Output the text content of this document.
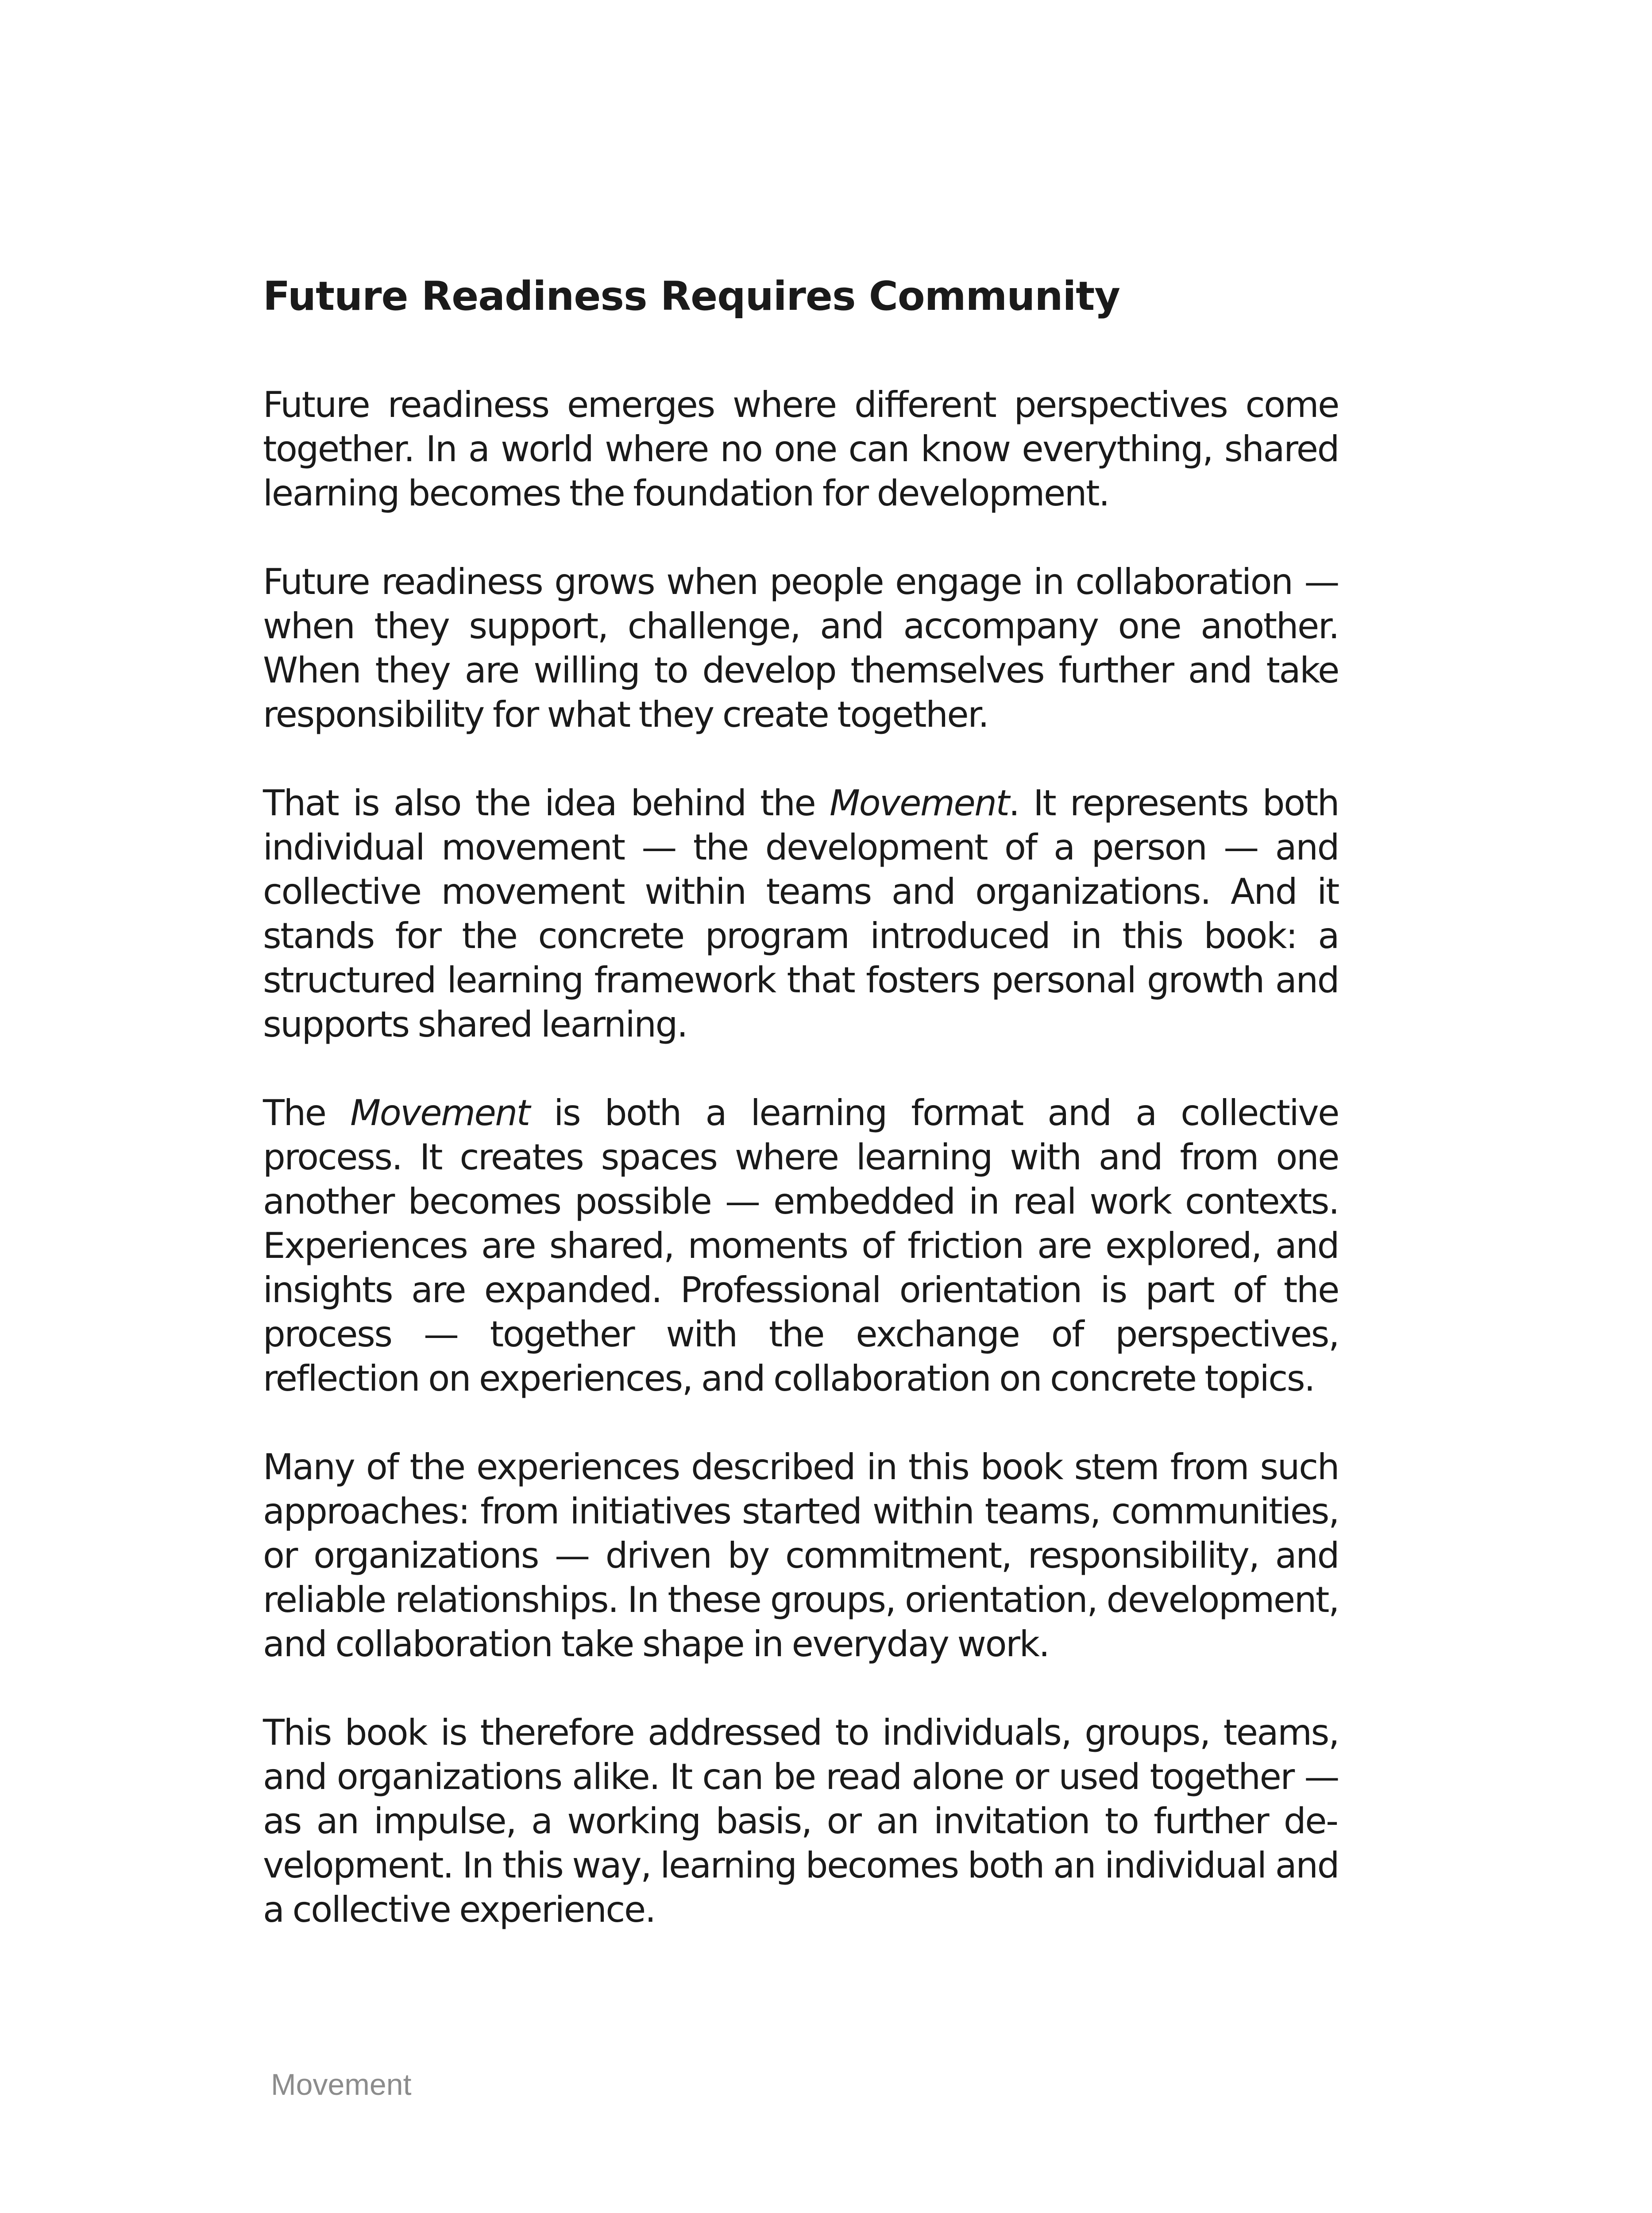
Future Readiness Requires Community

Future readiness emerges where different perspectives come together. In a world where no one can know everything, shared learning becomes the foundation for development.

Future readiness grows when people engage in collaboration — when they support, challenge, and accompany one another. When they are willing to develop themselves further and take responsibility for what they create together.

That is also the idea behind the Movement. It represents both individual movement — the development of a person — and collective movement within teams and organizations. And it stands for the concrete program introduced in this book: a structured learning framework that fosters personal growth and supports shared learning.

The Movement is both a learning format and a collective process. It creates spaces where learning with and from one another becomes possible — embedded in real work contexts. Experiences are shared, moments of friction are explored, and insights are expanded. Professional orientation is part of the process — together with the exchange of perspectives, reflection on experiences, and collaboration on concrete topics.

Many of the experiences described in this book stem from such approaches: from initiatives started within teams, communities, or organizations — driven by commitment, responsibility, and reliable relationships. In these groups, orientation, development, and collaboration take shape in everyday work.

This book is therefore addressed to individuals, groups, teams, and organizations alike. It can be read alone or used together — as an impulse, a working basis, or an invitation to further development. In this way, learning becomes both an individual and a collective experience.

Movement
